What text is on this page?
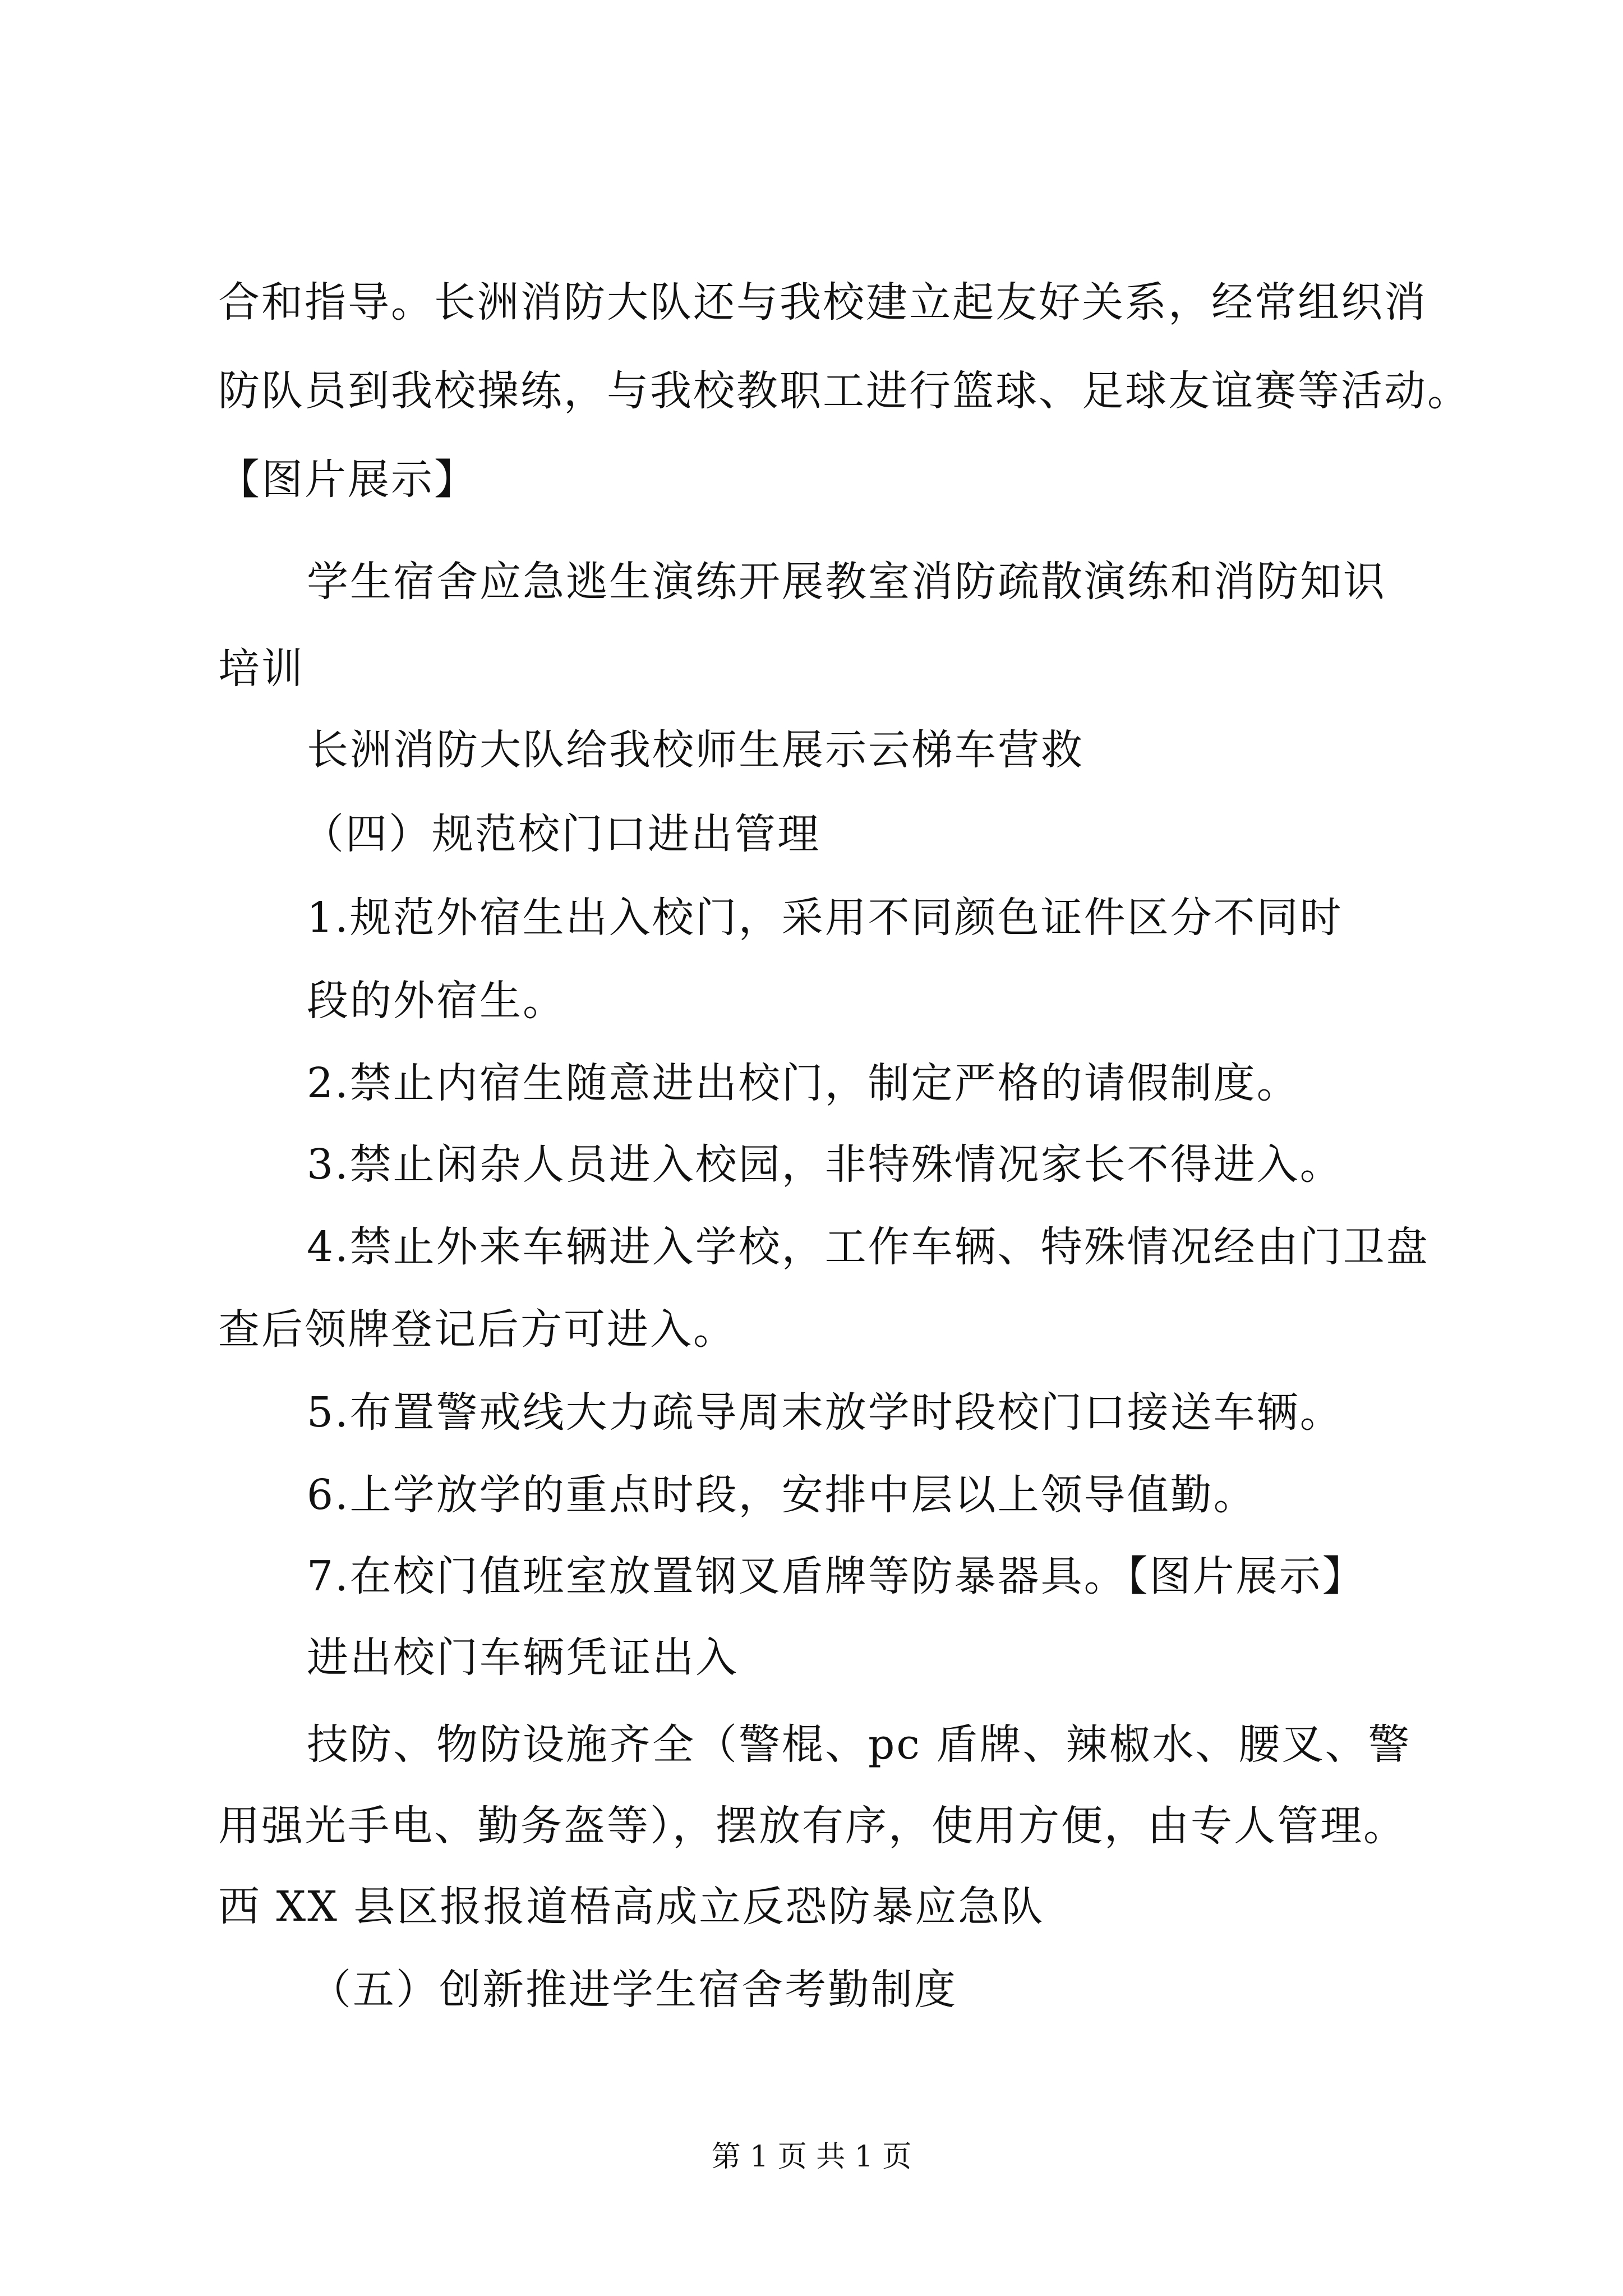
合和指导。长洲消防大队还与我校建立起友好关系，经常组织消
防队员到我校操练，与我校教职工进行篮球、足球友谊赛等活动。
【图片展示】
学生宿舍应急逃生演练开展教室消防疏散演练和消防知识
培训
长洲消防大队给我校师生展示云梯车营救
（四）规范校门口进出管理
1.规范外宿生出入校门，采用不同颜色证件区分不同时
段的外宿生。
2.禁止内宿生随意进出校门，制定严格的请假制度。
3.禁止闲杂人员进入校园，非特殊情况家长不得进入。
4.禁止外来车辆进入学校，工作车辆、特殊情况经由门卫盘
查后领牌登记后方可进入。
5.布置警戒线大力疏导周末放学时段校门口接送车辆。
6.上学放学的重点时段，安排中层以上领导值勤。
7.在校门值班室放置钢叉盾牌等防暴器具。【图片展示】
进出校门车辆凭证出入
技防、物防设施齐全（警棍、pc 盾牌、辣椒水、腰叉、警
用强光手电、勤务盔等），摆放有序，使用方便，由专人管理。
西 XX 县区报报道梧高成立反恐防暴应急队
（五）创新推进学生宿舍考勤制度
第 1 页 共 1 页
